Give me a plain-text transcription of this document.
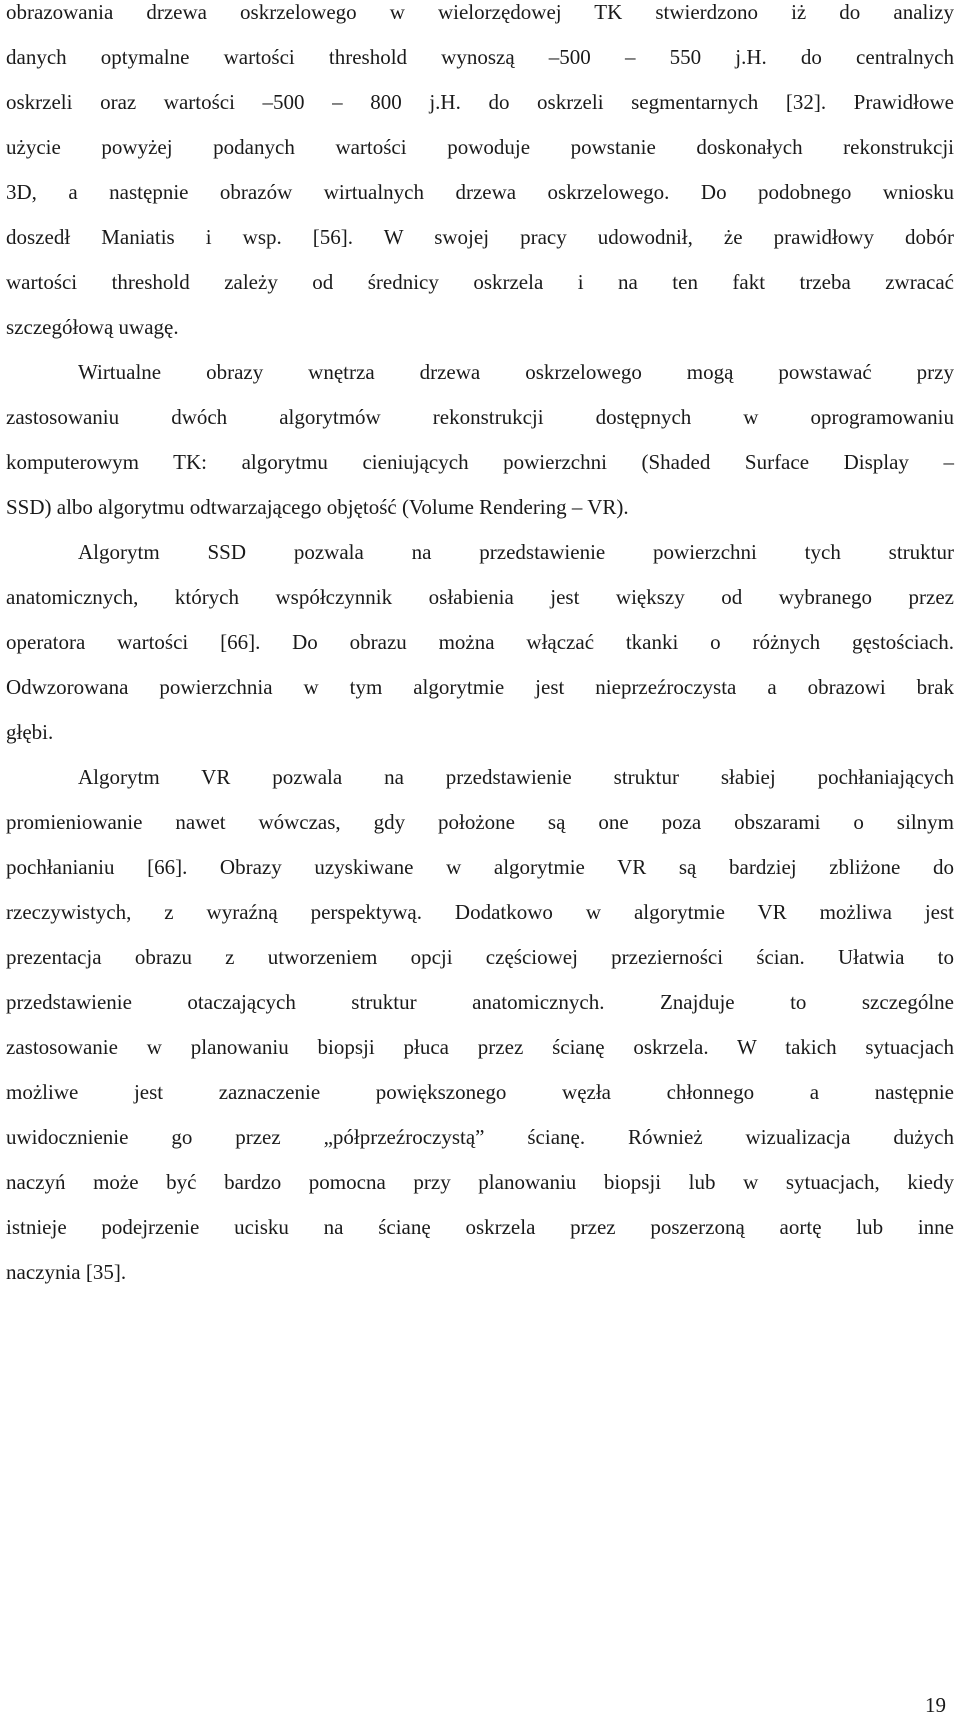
obrazowania drzewa oskrzelowego w wielorzędowej TK stwierdzono iż do analizy
danych optymalne wartości threshold wynoszą –500 – 550 j.H. do centralnych
oskrzeli oraz wartości –500 – 800 j.H. do oskrzeli segmentarnych [32]. Prawidłowe
użycie powyżej podanych wartości powoduje powstanie doskonałych rekonstrukcji
3D, a następnie obrazów wirtualnych drzewa oskrzelowego. Do podobnego wniosku
doszedł Maniatis i wsp. [56]. W swojej pracy udowodnił, że prawidłowy dobór
wartości threshold zależy od średnicy oskrzela i na ten fakt trzeba zwracać
szczegółową uwagę.
Wirtualne obrazy wnętrza drzewa oskrzelowego mogą powstawać przy
zastosowaniu dwóch algorytmów rekonstrukcji dostępnych w oprogramowaniu
komputerowym TK: algorytmu cieniujących powierzchni (Shaded Surface Display –
SSD) albo algorytmu odtwarzającego objętość (Volume Rendering – VR).
Algorytm SSD pozwala na przedstawienie powierzchni tych struktur
anatomicznych, których współczynnik osłabienia jest większy od wybranego przez
operatora wartości [66]. Do obrazu można włączać tkanki o różnych gęstościach.
Odwzorowana powierzchnia w tym algorytmie jest nieprzeźroczysta a obrazowi brak
głębi.
Algorytm VR pozwala na przedstawienie struktur słabiej pochłaniających
promieniowanie nawet wówczas, gdy położone są one poza obszarami o silnym
pochłanianiu [66]. Obrazy uzyskiwane w algorytmie VR są bardziej zbliżone do
rzeczywistych, z wyraźną perspektywą. Dodatkowo w algorytmie VR możliwa jest
prezentacja obrazu z utworzeniem opcji częściowej przezierności ścian. Ułatwia to
przedstawienie otaczających struktur anatomicznych. Znajduje to szczególne
zastosowanie w planowaniu biopsji płuca przez ścianę oskrzela. W takich sytuacjach
możliwe jest zaznaczenie powiększonego węzła chłonnego a następnie
uwidocznienie go przez „półprzeźroczystą” ścianę. Również wizualizacja dużych
naczyń może być bardzo pomocna przy planowaniu biopsji lub w sytuacjach, kiedy
istnieje podejrzenie ucisku na ścianę oskrzela przez poszerzoną aortę lub inne
naczynia [35].
19
